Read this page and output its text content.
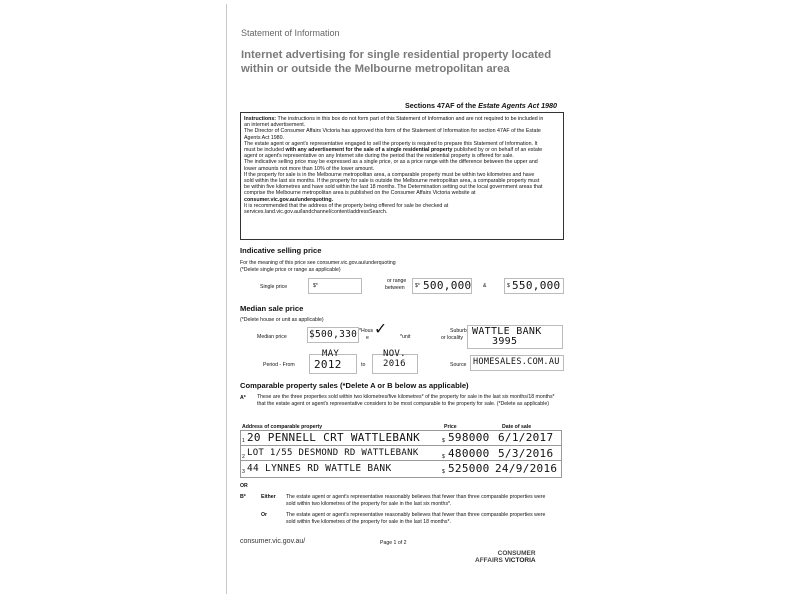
Statement of Information
Internet advertising for single residential property located within or outside the Melbourne metropolitan area
Sections 47AF of the Estate Agents Act 1980

Instructions: The instructions in this box do not form part of this Statement of Information and are not required to be included in an internet advertisement.

The Director of Consumer Affairs Victoria has approved this form of the Statement of Information for section 47AF of the Estate Agents Act 1980.

The estate agent or agent's representative engaged to sell the property is required to prepare this Statement of Information. It must be included with any advertisement for the sale of a single residential property published by or on behalf of an estate agent or agent's representative on any Internet site during the period that the residential property is offered for sale.

The indicative selling price may be expressed as a single price, or as a price range with the difference between the upper and lower amounts not more than 10% of the lower amount.

If the property for sale is in the Melbourne metropolitan area, a comparable property must be within two kilometres and have sold within the last six months. If the property for sale is outside the Melbourne metropolitan area, a comparable property must be within five kilometres and have sold within the last 18 months. The Determination setting out the local government areas that comprise the Melbourne metropolitan area is published on the Consumer Affairs Victoria website at consumer.vic.gov.au/underquoting.

It is recommended that the address of the property being offered for sale be checked at services.land.vic.gov.au/landchannel/content/addressSearch.

Indicative selling price
For the meaning of this price see consumer.vic.gov.au/underquoting
(*Delete single price or range as applicable)
Single price	$*
or range
between $* 500,000 &	$ 550,000
Median sale price
(*Delete house or unit as applicable)
Median price $500,330 *Hous
e ✓	*unit
Suburb
or locality
WATTLE BANK
3995
Period - From
MAY
2012	to
NOV.
2016	Source HOMESALES.COM.AU
Comparable property sales (*Delete A or B below as applicable)
A* These are the three properties sold within two kilometres/five kilometres* of the property for sale in the last six months/18 months* that the estate agent or agent's representative considers to be most comparable to the property for sale. (*Delete as applicable)
Address of comparable property	Price	Date of sale
1 20 PENNELL CRT WATTLEBANK	$ 598000 6/1/2017
2 LOT 1/55 DESMOND RD WATTLEBANK	$ 480000 5/3/2016
3 44 LYNNES RD WATTLE BANK	$ 525000 24/9/2016
OR
B*	Either The estate agent or agent's representative reasonably believes that fewer than three comparable properties were sold within two kilometres of the property for sale in the last six months*.
Or	The estate agent or agent's representative reasonably believes that fewer than three comparable properties were sold within five kilometres of the property for sale in the last 18 months*.
consumer.vic.gov.au/	Page 1 of 2
CONSUMER
AFFAIRS VICTORIA
